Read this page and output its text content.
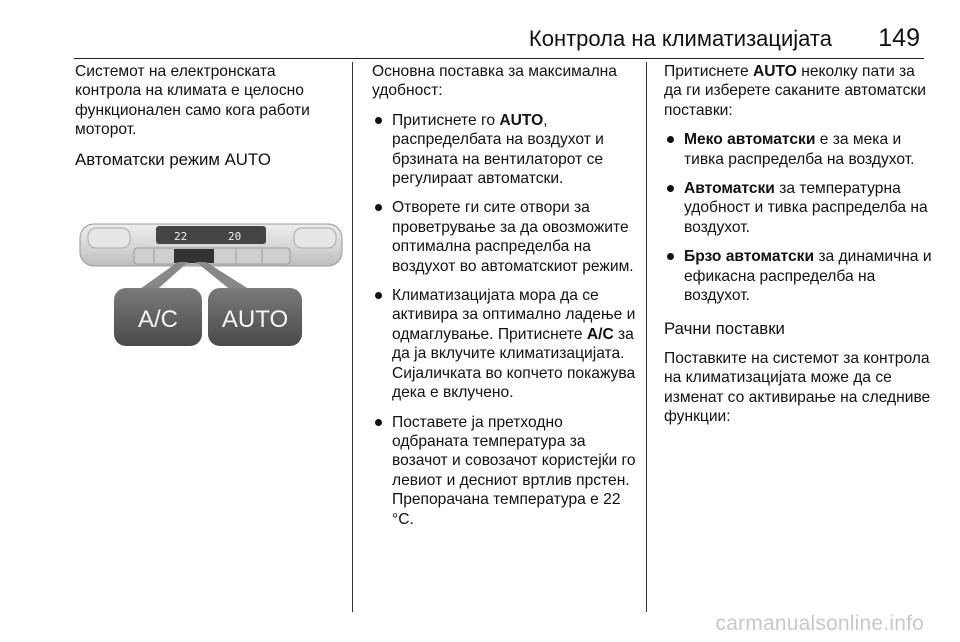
Контрола на климатизацијата 149

Системот на електронската контрола на климата е целосно функционален само кога работи моторот.

Автоматски режим AUTO
22	20
A/C AUTO

Основна поставка за максимална удобност:

Притиснете го AUTO, распределбата на воздухот и брзината на вентилаторот се регулираат автоматски.
Отворете ги сите отвори за проветрување за да овозможите оптимална распределба на воздухот во автоматскиот режим.
Климатизацијата мора да се активира за оптимално ладење и одмаглување. Притиснете A/C за да ја вклучите климатизацијата. Сијаличката во копчето покажува дека е вклучено.
Поставете ја претходно одбраната температура за возачот и совозачот користејќи го левиот и десниот вртлив прстен. Препорачана температура е 22 °C.

Притиснете AUTO неколку пати за да ги изберете саканите автоматски поставки:

Меко автоматски е за мека и тивка распределба на воздухот.
Автоматски за температурна удобност и тивка распределба на воздухот.
Брзо автоматски за динамична и ефикасна распределба на воздухот.
Рачни поставки

Поставките на системот за контрола на климатизацијата може да се изменат со активирање на следниве функции:

carmanualsonline.info
